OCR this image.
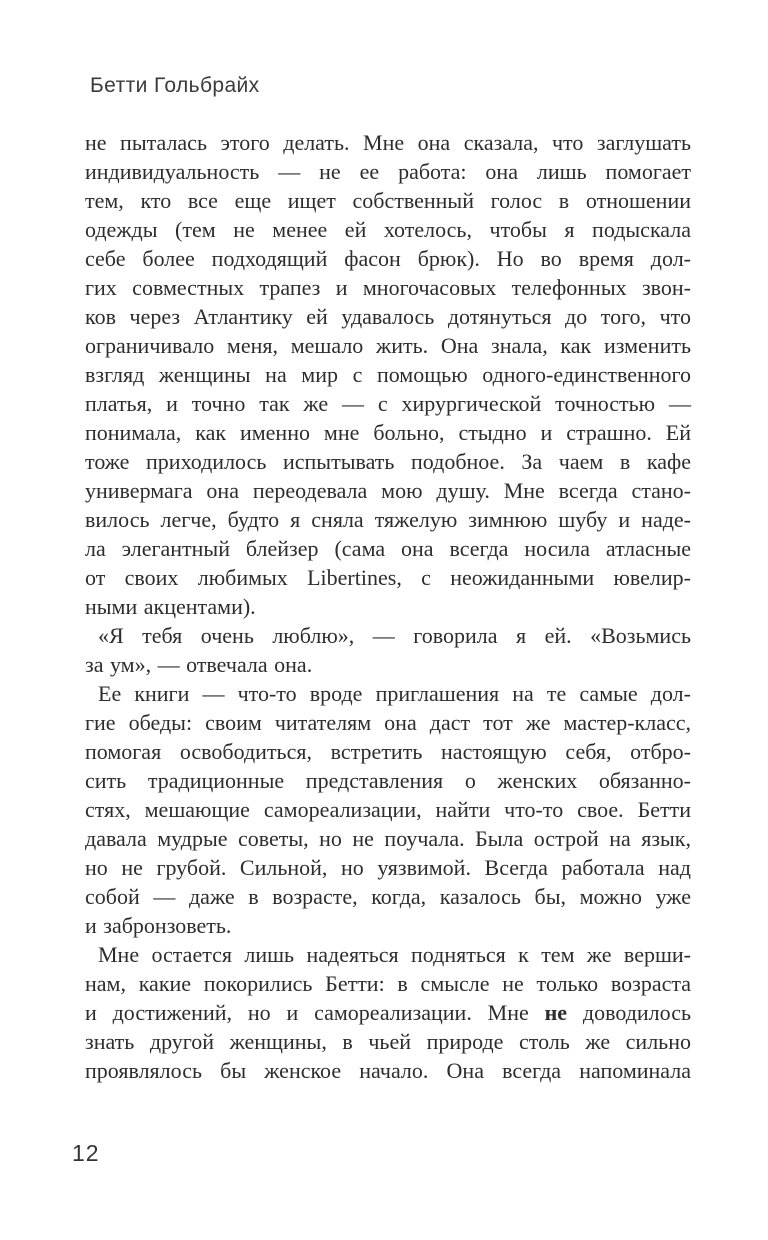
Бетти Гольбрайх
не пыталась этого делать. Мне она сказала, что заглушать
индивидуальность — не ее работа: она лишь помогает
тем, кто все еще ищет собственный голос в отношении
одежды (тем не менее ей хотелось, чтобы я подыскала
себе более подходящий фасон брюк). Но во время дол-
гих совместных трапез и многочасовых телефонных звон-
ков через Атлантику ей удавалось дотянуться до того, что
ограничивало меня, мешало жить. Она знала, как изменить
взгляд женщины на мир с помощью одного-единственного
платья, и точно так же — с хирургической точностью —
понимала, как именно мне больно, стыдно и страшно. Ей
тоже приходилось испытывать подобное. За чаем в кафе
универмага она переодевала мою душу. Мне всегда стано-
вилось легче, будто я сняла тяжелую зимнюю шубу и наде-
ла элегантный блейзер (сама она всегда носила атласные
от своих любимых Libertines, с неожиданными ювелир-
ными акцентами).
«Я тебя очень люблю», — говорила я ей. «Возьмись
за ум», — отвечала она.
Ее книги — что-то вроде приглашения на те самые дол-
гие обеды: своим читателям она даст тот же мастер-класс,
помогая освободиться, встретить настоящую себя, отбро-
сить традиционные представления о женских обязанно-
стях, мешающие самореализации, найти что-то свое. Бетти
давала мудрые советы, но не поучала. Была острой на язык,
но не грубой. Сильной, но уязвимой. Всегда работала над
собой — даже в возрасте, когда, казалось бы, можно уже
и забронзоветь.
Мне остается лишь надеяться подняться к тем же верши-
нам, какие покорились Бетти: в смысле не только возраста
и достижений, но и самореализации. Мне не доводилось
знать другой женщины, в чьей природе столь же сильно
проявлялось бы женское начало. Она всегда напоминала
12
